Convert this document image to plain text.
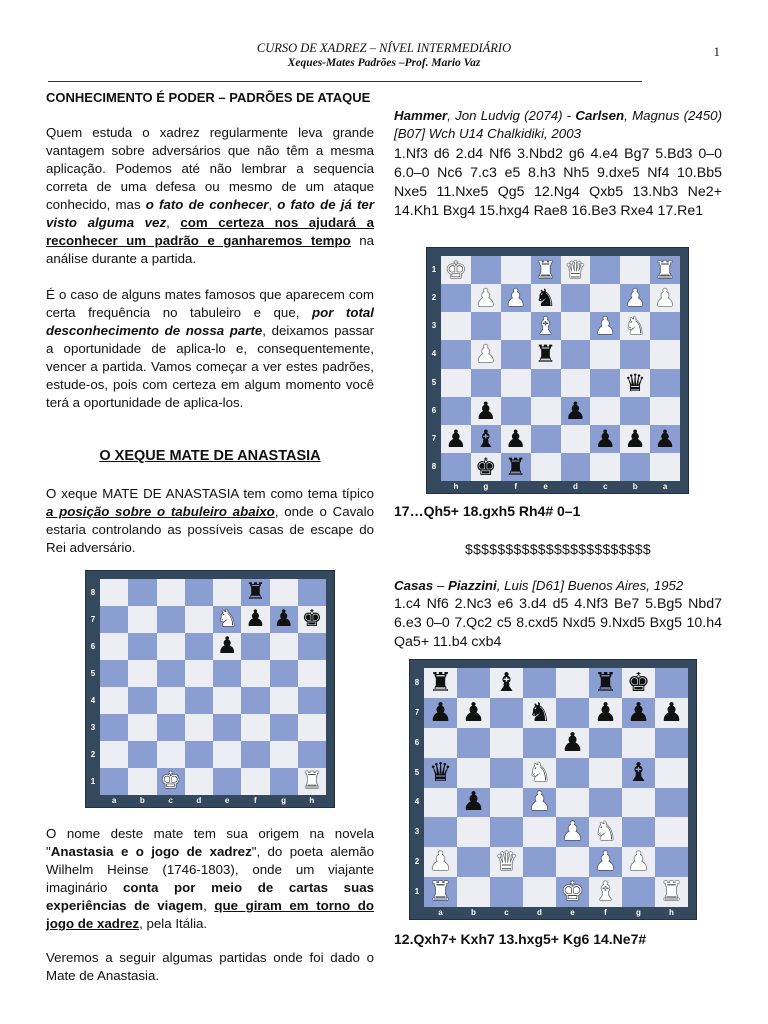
CURSO DE XADREZ – NÍVEL INTERMEDIÁRIO
Xeques-Mates Padrões –Prof. Mario Vaz
1
CONHECIMENTO É PODER – PADRÕES DE ATAQUE

Quem estuda o xadrez regularmente leva grande vantagem sobre adversários que não têm a mesma aplicação. Podemos até não lembrar a sequencia correta de uma defesa ou mesmo de um ataque conhecido, mas o fato de conhecer, o fato de já ter visto alguma vez, com certeza nos ajudará a reconhecer um padrão e ganharemos tempo na análise durante a partida.

É o caso de alguns mates famosos que aparecem com certa frequência no tabuleiro e que, por total desconhecimento de nossa parte, deixamos passar a oportunidade de aplica-lo e, consequentemente, vencer a partida. Vamos começar a ver estes padrões, estude-os, pois com certeza em algum momento você terá a oportunidade de aplica-los.

O XEQUE MATE DE ANASTASIA

O xeque MATE DE ANASTASIA tem como tema típico a posição sobre o tabuleiro abaixo, onde o Cavalo estaria controlando as possíveis casas de escape do Rei adversário.

♜
♞ ♟ ♟ ♚
♟
♚	♜
8
7
6
5
4
3
2
1
a	b	c	d	e	f	g	h

O nome deste mate tem sua origem na novela "Anastasia e o jogo de xadrez", do poeta alemão Wilhelm Heinse (1746-1803), onde um viajante imaginário conta por meio de cartas suas experiências de viagem, que giram em torno do jogo de xadrez, pela Itália.

Veremos a seguir algumas partidas onde foi dado o Mate de Anastasia.

Hammer, Jon Ludvig (2074) - Carlsen, Magnus (2450) [B07] Wch U14 Chalkidiki, 2003
1.Nf3 d6 2.d4 Nf6 3.Nbd2 g6 4.e4 Bg7 5.Bd3 0–0 6.0–0 Nc6 7.c3 e5 8.h3 Nh5 9.dxe5 Nf4 10.Bb5 Nxe5 11.Nxe5 Qg5 12.Ng4 Qxb5 13.Nb3 Ne2+ 14.Kh1 Bxg4 15.hxg4 Rae8 16.Be3 Rxe4 17.Re1
♚	♜ ♛	♜
♟ ♟ ♞	♟ ♟
♝ ♟ ♞
♟ ♜
♛
♟	♟
♟ ♝ ♟	♟ ♟ ♟
♚ ♜
1
2
3
4
5
6
7
8
h	g	f	e	d	c	b	a
17…Qh5+ 18.gxh5 Rh4# 0–1
$$$$$$$$$$$$$$$$$$$$$$$
Casas – Piazzini, Luis [D61] Buenos Aires, 1952
1.c4 Nf6 2.Nc3 e6 3.d4 d5 4.Nf3 Be7 5.Bg5 Nbd7 6.e3 0–0 7.Qc2 c5 8.cxd5 Nxd5 9.Nxd5 Bxg5 10.h4 Qa5+ 11.b4 cxb4
♜ ♝	♜ ♚
♟ ♟ ♞ ♟ ♟ ♟
♟
♛	♞	♝
♟ ♟
♟ ♞
♟ ♛	♟ ♟
♜	♚ ♝ ♜
8
7
6
5
4
3
2
1
a	b	c	d	e	f	g	h
12.Qxh7+ Kxh7 13.hxg5+ Kg6 14.Ne7#
